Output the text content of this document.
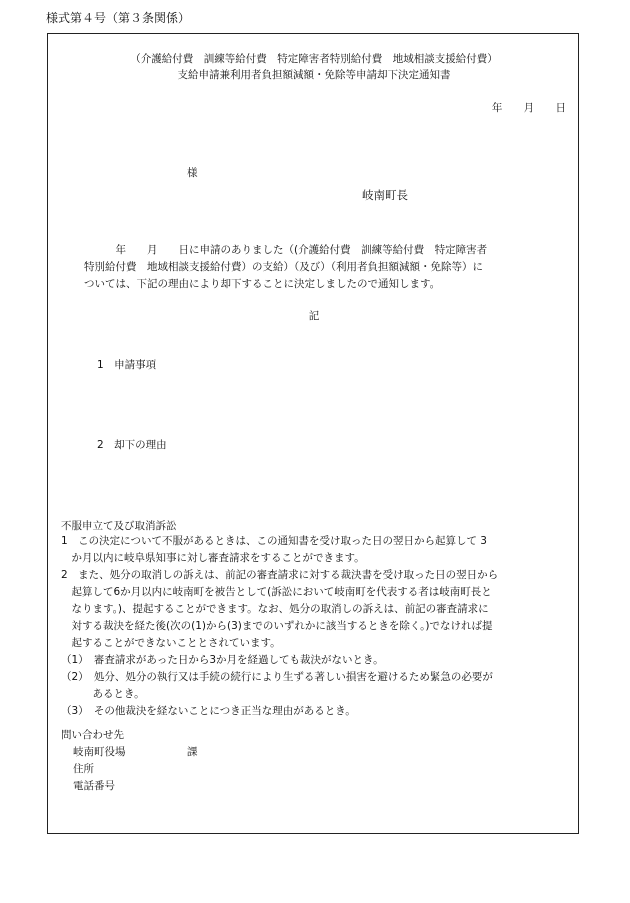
様式第４号（第３条関係）
（介護給付費　訓練等給付費　特定障害者特別給付費　地域相談支援給付費）
支給申請兼利用者負担額減額・免除等申請却下決定通知書
年 月 日
様
岐南町長

　　　年　　月　　日に申請のありました（(介護給付費　訓練等給付費　特定障害者

特別給付費　地域相談支援給付費）の支給）（及び）（利用者負担額減額・免除等）に

ついては、下記の理由により却下することに決定しましたので通知します。

記
1　申請事項
2　却下の理由
不服申立て及び取消訴訟

1　この決定について不服があるときは、この通知書を受け取った日の翌日から起算して 3

　か月以内に岐阜県知事に対し審査請求をすることができます。

2　また、処分の取消しの訴えは、前記の審査請求に対する裁決書を受け取った日の翌日から

　起算して6か月以内に岐南町を被告として(訴訟において岐南町を代表する者は岐南町長と

　なります。)、提起することができます。なお、処分の取消しの訴えは、前記の審査請求に

　対する裁決を経た後(次の(1)から(3)までのいずれかに該当するときを除く。)でなければ提

　起することができないこととされています。

（1）　審査請求があった日から3か月を経過しても裁決がないとき。

（2）　処分、処分の執行又は手続の続行により生ずる著しい損害を避けるため緊急の必要が

　　　あるとき。

（3）　その他裁決を経ないことにつき正当な理由があるとき。

問い合わせ先
岐南町役場	課
住所
電話番号
